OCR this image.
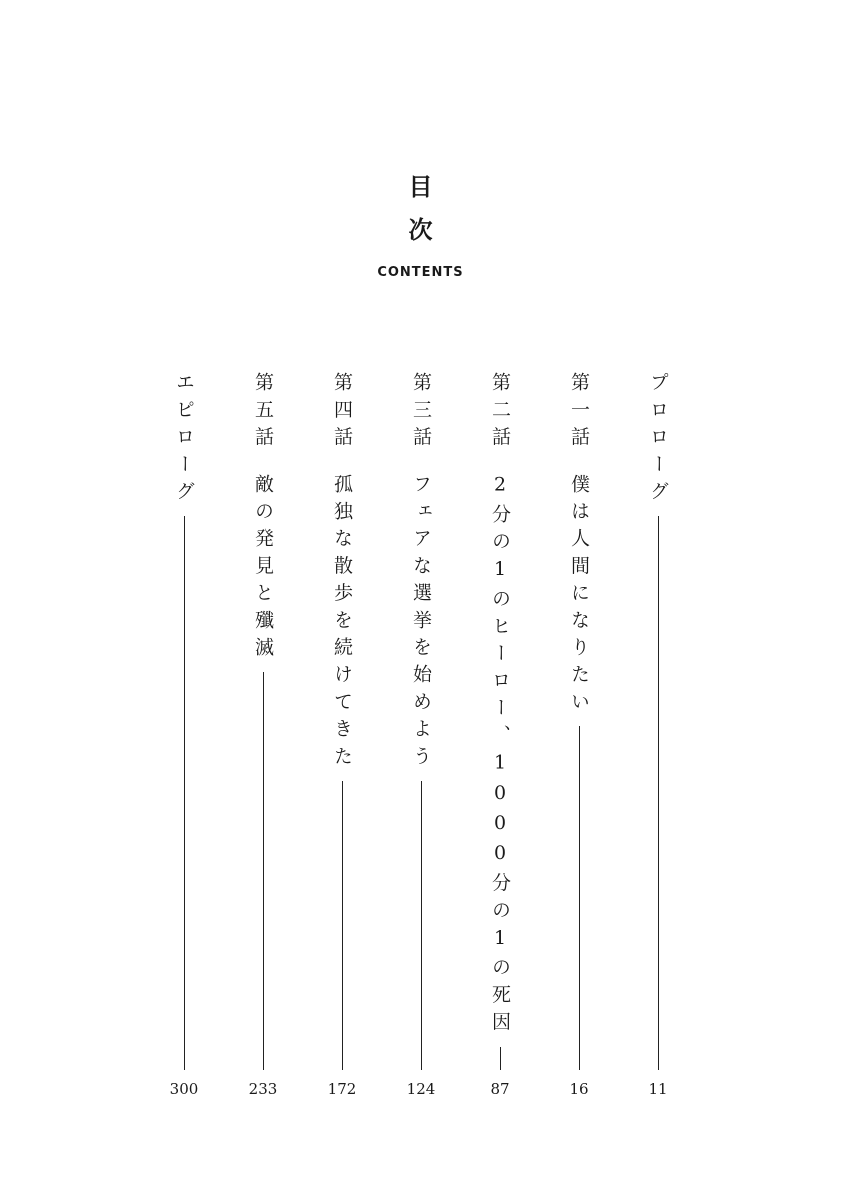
目
次
CONTENTS
プロローグ
11
第一話僕は人間になりたい
16
第二話2分の1のヒーロー、1000分の1の死因
87
第三話フェアな選挙を始めよう
124
第四話孤独な散歩を続けてきた
172
第五話敵の発見と殲滅
233
エピローグ
300
